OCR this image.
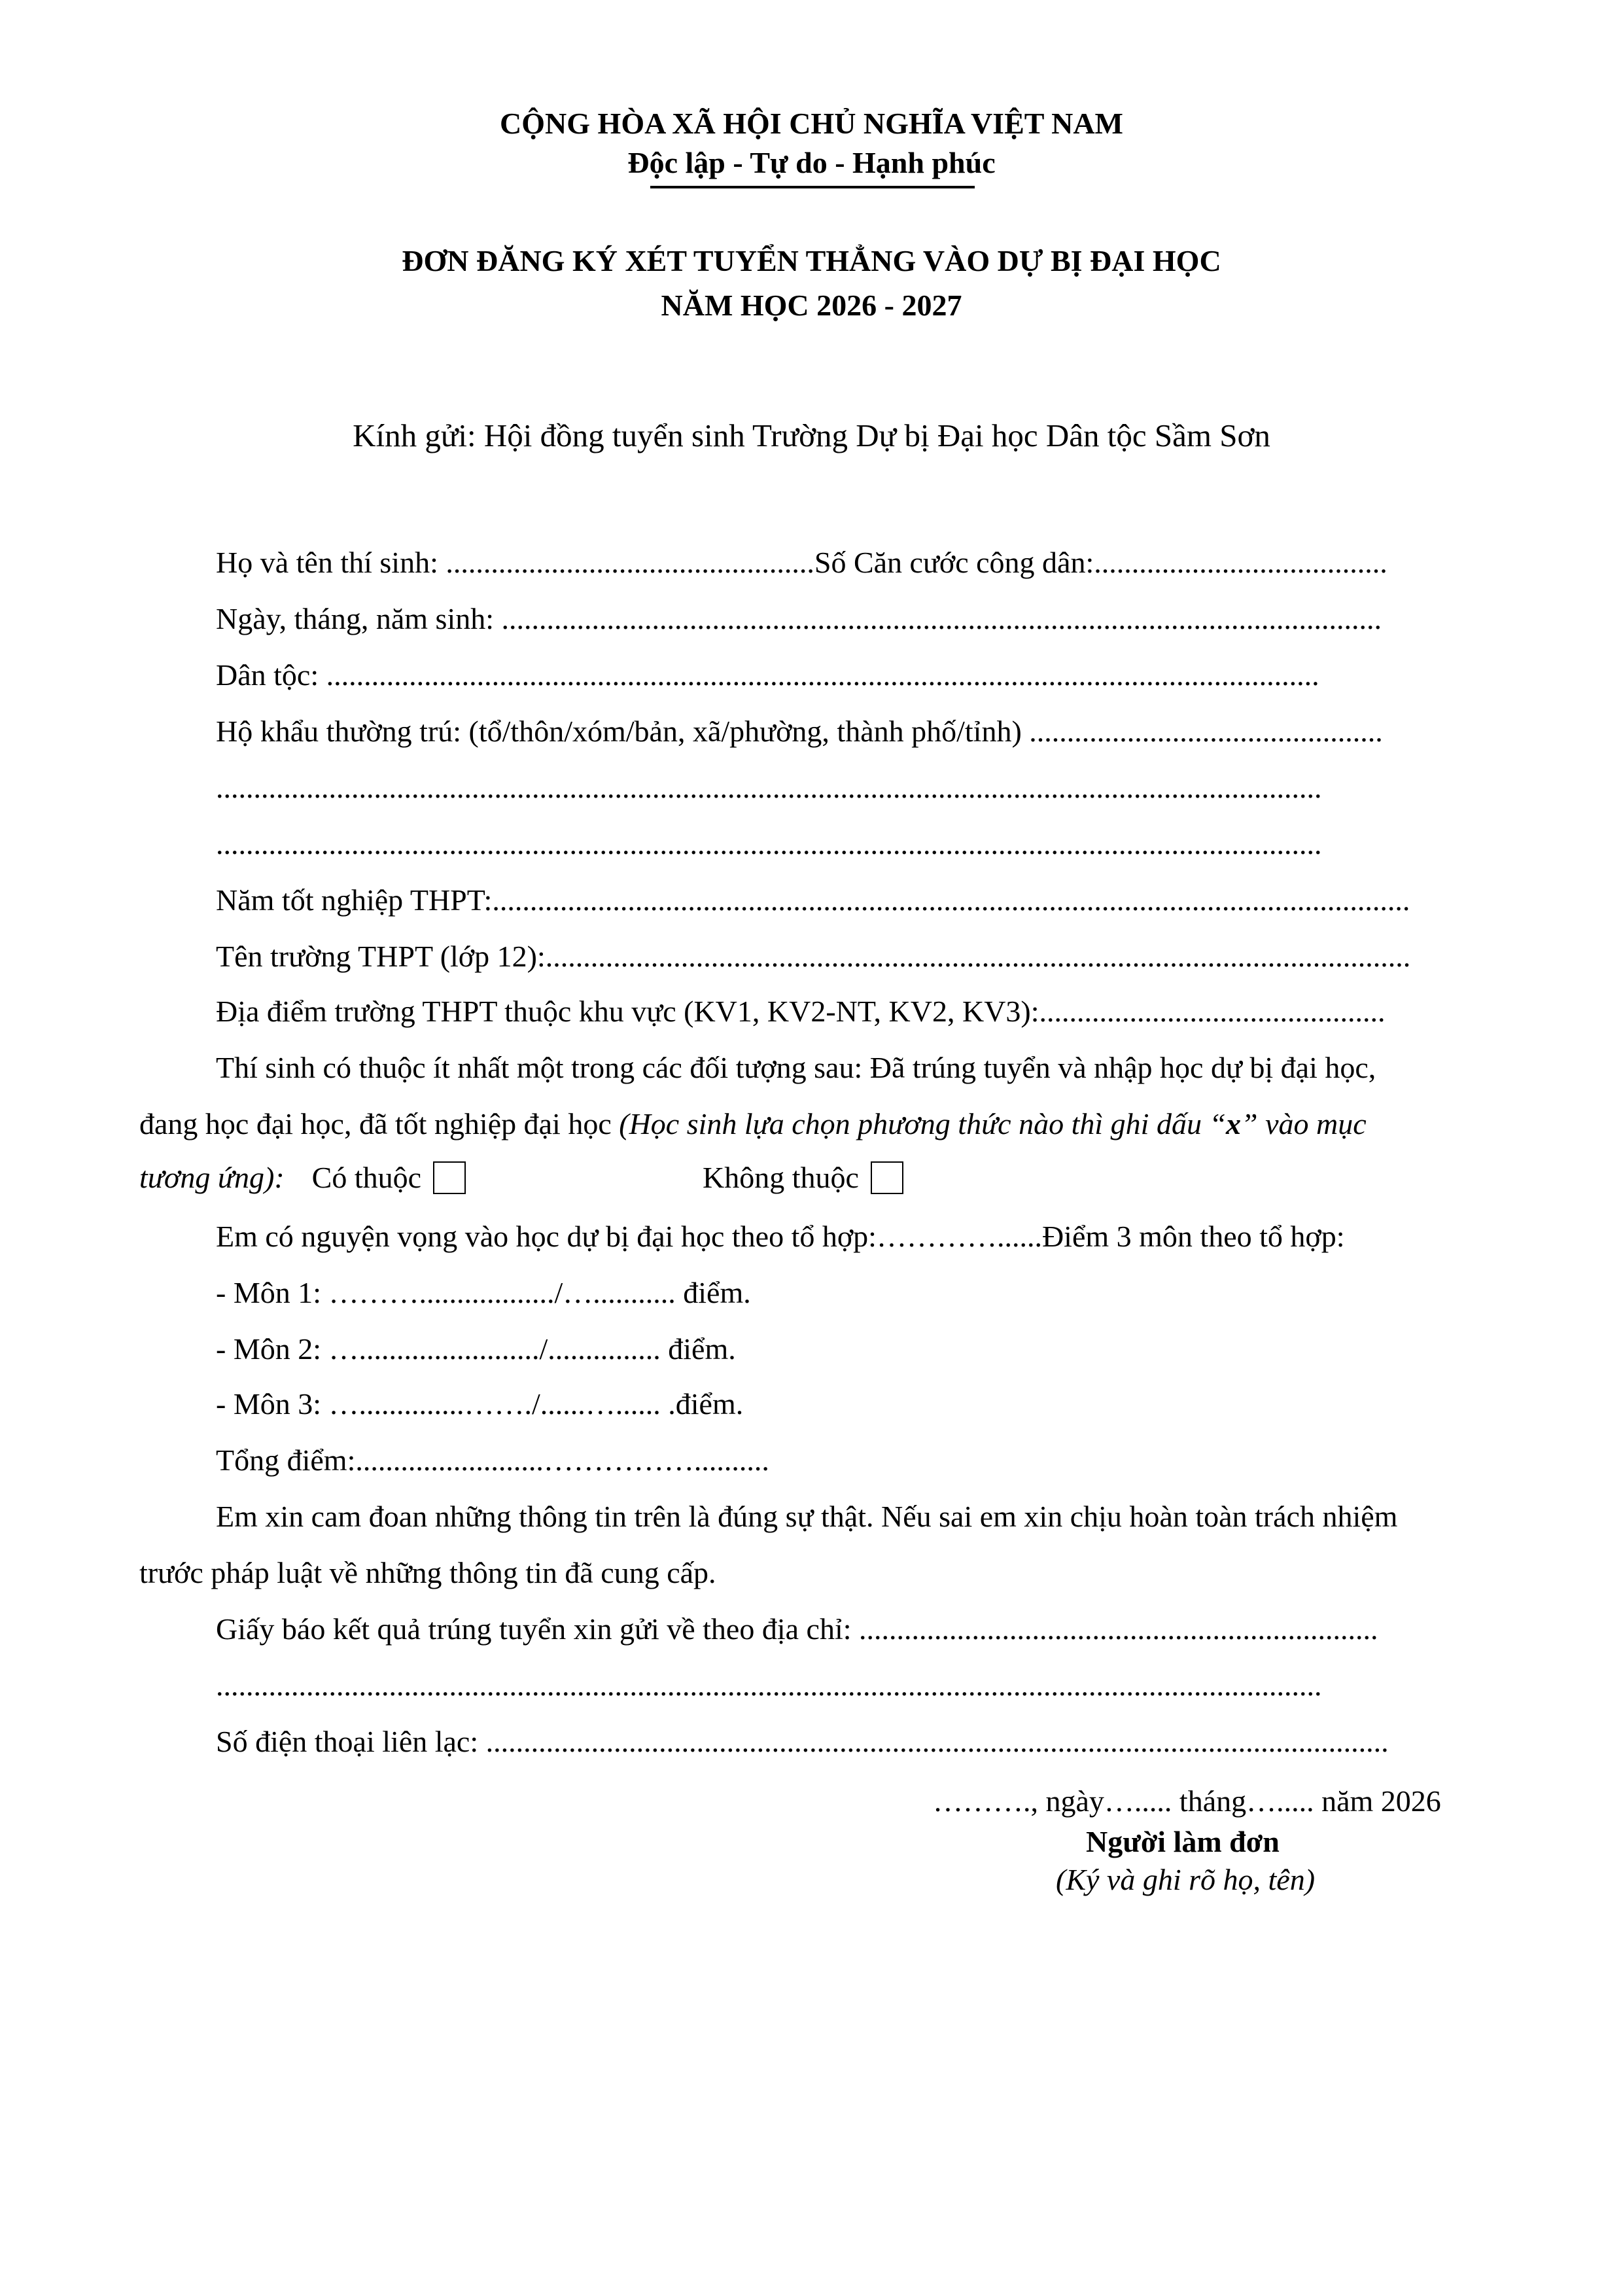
CỘNG HÒA XÃ HỘI CHỦ NGHĨA VIỆT NAM
Độc lập - Tự do - Hạnh phúc
ĐƠN ĐĂNG KÝ XÉT TUYỂN THẲNG VÀO DỰ BỊ ĐẠI HỌC
NĂM HỌC 2026 - 2027
Kính gửi: Hội đồng tuyển sinh Trường Dự bị Đại học Dân tộc Sầm Sơn
Họ và tên thí sinh: .................................................Số Căn cước công dân:.......................................
Ngày, tháng, năm sinh: .....................................................................................................................
Dân tộc: ....................................................................................................................................
Hộ khẩu thường trú: (tổ/thôn/xóm/bản, xã/phường, thành phố/tỉnh) ...............................................
...................................................................................................................................................
...................................................................................................................................................
Năm tốt nghiệp THPT:..........................................................................................................................
Tên trường THPT (lớp 12):...................................................................................................................
Địa điểm trường THPT thuộc khu vực (KV1, KV2-NT, KV2, KV3):..............................................
Thí sinh có thuộc ít nhất một trong các đối tượng sau: Đã trúng tuyển và nhập học dự bị đại học,
đang học đại học, đã tốt nghiệp đại học (Học sinh lựa chọn phương thức nào thì ghi dấu “x” vào mục
tương ứng): Có thuộc	Không thuộc
Em có nguyện vọng vào học dự bị đại học theo tổ hợp:…………......Điểm 3 môn theo tổ hợp:
- Môn 1: ………................../…........... điểm.
- Môn 2: …......................../............... điểm.
- Môn 3: …..............……./......…...... .điểm.
Tổng điểm:.........................……………..........
Em xin cam đoan những thông tin trên là đúng sự thật. Nếu sai em xin chịu hoàn toàn trách nhiệm
trước pháp luật về những thông tin đã cung cấp.
Giấy báo kết quả trúng tuyển xin gửi về theo địa chỉ: .....................................................................
...................................................................................................................................................
Số điện thoại liên lạc: ........................................................................................................................
………., ngày…..... tháng…..... năm 2026
Người làm đơn
(Ký và ghi rõ họ, tên)
